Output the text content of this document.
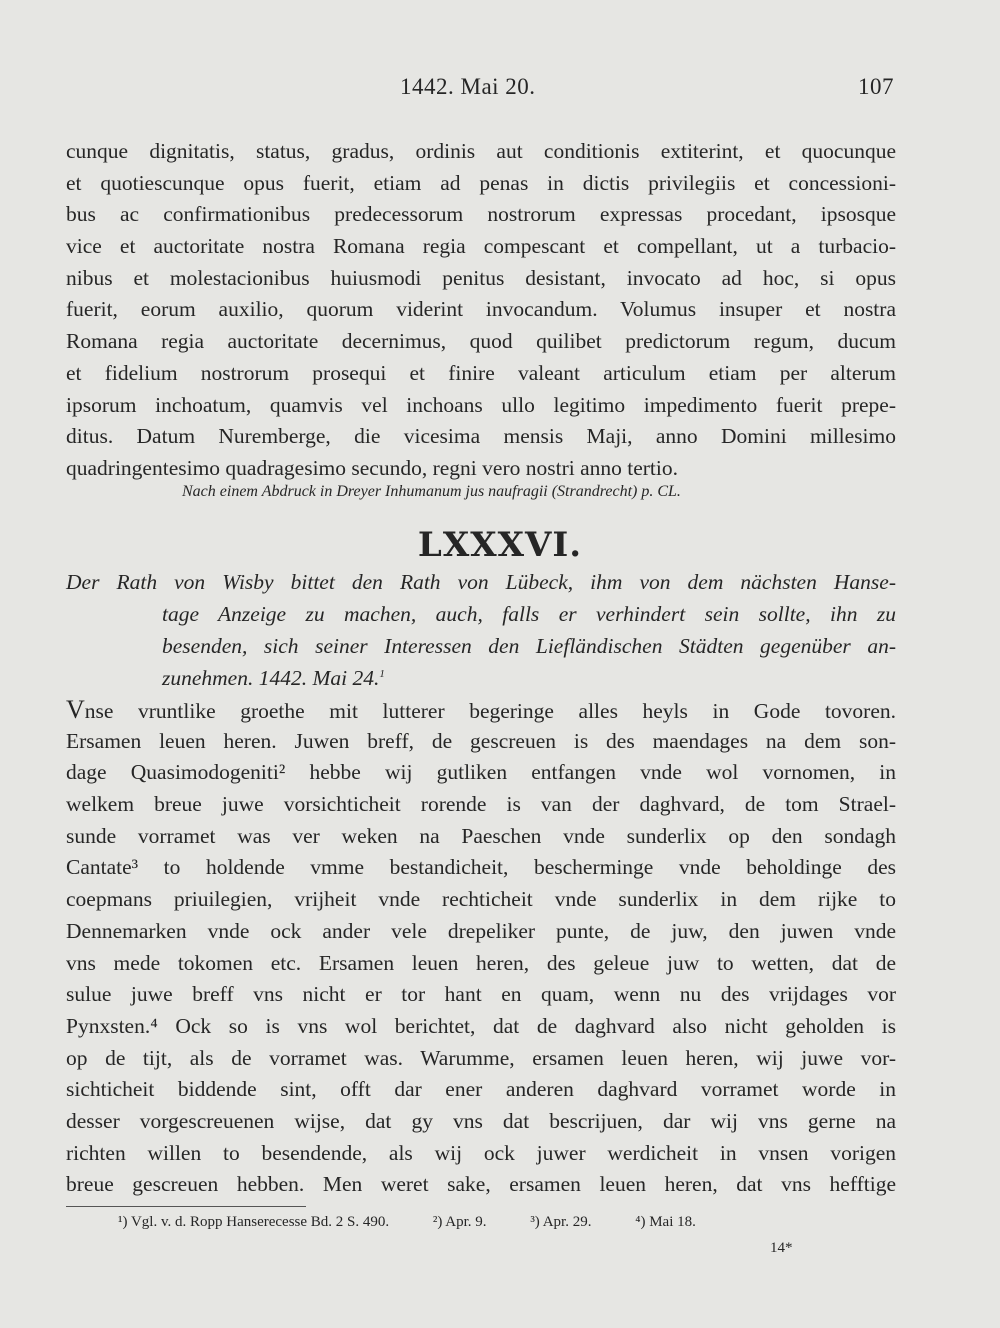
1442. Mai 20.	107
cunque dignitatis, status, gradus, ordinis aut conditionis extiterint, et quocunque
et quotiescunque opus fuerit, etiam ad penas in dictis privilegiis et concessioni-
bus ac confirmationibus predecessorum nostrorum expressas procedant, ipsosque
vice et auctoritate nostra Romana regia compescant et compellant, ut a turbacio-
nibus et molestacionibus huiusmodi penitus desistant, invocato ad hoc, si opus
fuerit, eorum auxilio, quorum viderint invocandum. Volumus insuper et nostra
Romana regia auctoritate decernimus, quod quilibet predictorum regum, ducum
et fidelium nostrorum prosequi et finire valeant articulum etiam per alterum
ipsorum inchoatum, quamvis vel inchoans ullo legitimo impedimento fuerit prepe-
ditus. Datum Nuremberge, die vicesima mensis Maji, anno Domini millesimo
quadringentesimo quadragesimo secundo, regni vero nostri anno tertio.
Nach einem Abdruck in Dreyer Inhumanum jus naufragii (Strandrecht) p. CL.
LXXXVI.
Der Rath von Wisby bittet den Rath von Lübeck, ihm von dem nächsten Hanse-
tage Anzeige zu machen, auch, falls er verhindert sein sollte, ihn zu
besenden, sich seiner Interessen den Liefländischen Städten gegenüber an-
zunehmen. 1442. Mai 24.$^1$
Vnse vruntlike groethe mit lutterer begeringe alles heyls in Gode tovoren.
Ersamen leuen heren. Juwen breff, de gescreuen is des maendages na dem son-
dage Quasimodogeniti² hebbe wij gutliken entfangen vnde wol vornomen, in
welkem breue juwe vorsichticheit rorende is van der daghvard, de tom Strael-
sunde vorramet was ver weken na Paeschen vnde sunderlix op den sondagh
Cantate³ to holdende vmme bestandicheit, bescherminge vnde beholdinge des
coepmans priuilegien, vrijheit vnde rechticheit vnde sunderlix in dem rijke to
Dennemarken vnde ock ander vele drepeliker punte, de juw, den juwen vnde
vns mede tokomen etc. Ersamen leuen heren, des geleue juw to wetten, dat de
sulue juwe breff vns nicht er tor hant en quam, wenn nu des vrijdages vor
Pynxsten.⁴ Ock so is vns wol berichtet, dat de daghvard also nicht geholden is
op de tijt, als de vorramet was. Warumme, ersamen leuen heren, wij juwe vor-
sichticheit biddende sint, offt dar ener anderen daghvard vorramet worde in
desser vorgescreuenen wijse, dat gy vns dat bescrijuen, dar wij vns gerne na
richten willen to besendende, als wij ock juwer werdicheit in vnsen vorigen
breue gescreuen hebben. Men weret sake, ersamen leuen heren, dat vns hefftige
¹) Vgl. v. d. Ropp Hanserecesse Bd. 2 S. 490.	²) Apr. 9.	³) Apr. 29.	⁴) Mai 18.
14*
